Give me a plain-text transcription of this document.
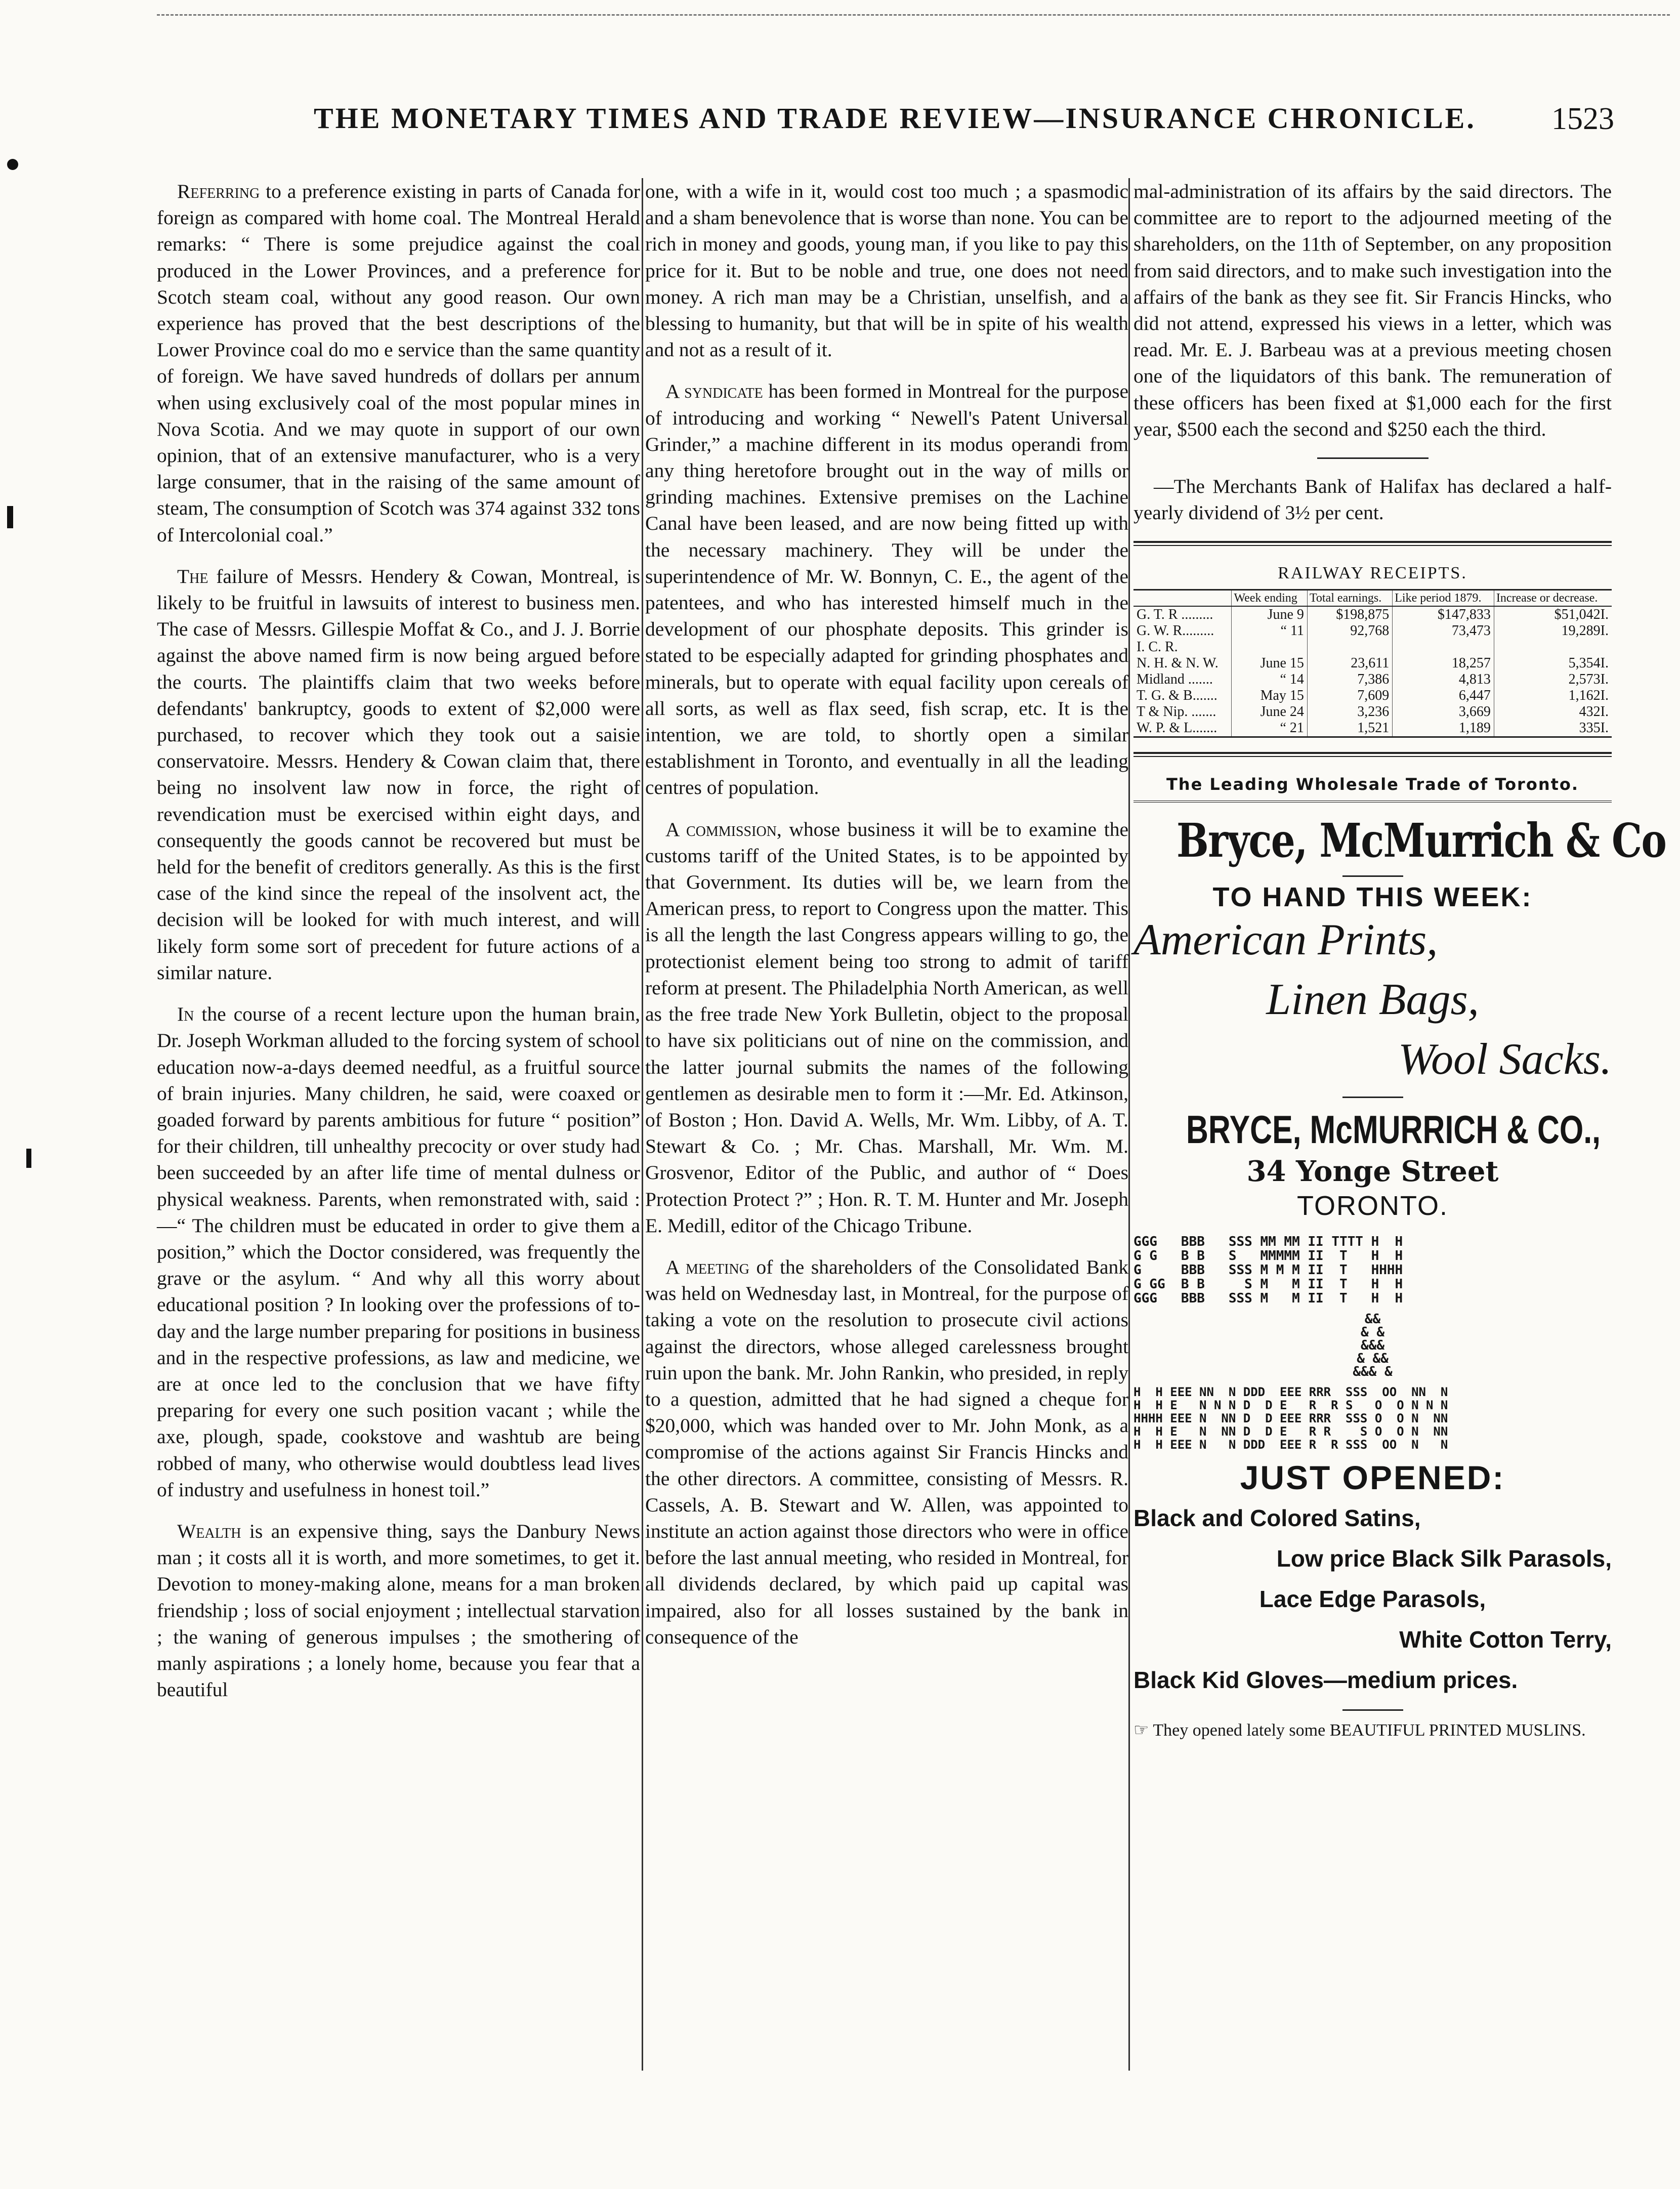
THE MONETARY TIMES AND TRADE REVIEW—INSURANCE CHRONICLE. 1523

Referring to a preference existing in parts of Canada for foreign as compared with home coal. The Montreal Herald remarks: “ There is some prejudice against the coal produced in the Lower Provinces, and a preference for Scotch steam coal, without any good reason. Our own experience has proved that the best descriptions of the Lower Province coal do mo e service than the same quantity of foreign. We have saved hundreds of dollars per annum when using exclusively coal of the most popular mines in Nova Scotia. And we may quote in support of our own opinion, that of an extensive manufacturer, who is a very large consumer, that in the raising of the same amount of steam, The consumption of Scotch was 374 against 332 tons of Intercolonial coal.”

The failure of Messrs. Hendery & Cowan, Montreal, is likely to be fruitful in lawsuits of interest to business men. The case of Messrs. Gillespie Moffat & Co., and J. J. Borrie against the above named firm is now being argued before the courts. The plaintiffs claim that two weeks before defendants' bankruptcy, goods to extent of $2,000 were purchased, to recover which they took out a saisie conservatoire. Messrs. Hendery & Cowan claim that, there being no insolvent law now in force, the right of revendication must be exercised within eight days, and consequently the goods cannot be recovered but must be held for the benefit of creditors generally. As this is the first case of the kind since the repeal of the insolvent act, the decision will be looked for with much interest, and will likely form some sort of precedent for future actions of a similar nature.

In the course of a recent lecture upon the human brain, Dr. Joseph Workman alluded to the forcing system of school education now-a-days deemed needful, as a fruitful source of brain injuries. Many children, he said, were coaxed or goaded forward by parents ambitious for future “ position” for their children, till unhealthy precocity or over study had been succeeded by an after life time of mental dulness or physical weakness. Parents, when remonstrated with, said :—“ The children must be educated in order to give them a position,” which the Doctor considered, was frequently the grave or the asylum. “ And why all this worry about educational position ? In looking over the professions of to-day and the large number preparing for positions in business and in the respective professions, as law and medicine, we are at once led to the conclusion that we have fifty preparing for every one such position vacant ; while the axe, plough, spade, cookstove and washtub are being robbed of many, who otherwise would doubtless lead lives of industry and usefulness in honest toil.”

Wealth is an expensive thing, says the Danbury News man ; it costs all it is worth, and more sometimes, to get it. Devotion to money-making alone, means for a man broken friendship ; loss of social enjoyment ; intellectual starvation ; the waning of generous impulses ; the smothering of manly aspirations ; a lonely home, because you fear that a beautiful

one, with a wife in it, would cost too much ; a spasmodic and a sham benevolence that is worse than none. You can be rich in money and goods, young man, if you like to pay this price for it. But to be noble and true, one does not need money. A rich man may be a Christian, unselfish, and a blessing to humanity, but that will be in spite of his wealth and not as a result of it.

A syndicate has been formed in Montreal for the purpose of introducing and working “ Newell's Patent Universal Grinder,” a machine different in its modus operandi from any thing heretofore brought out in the way of mills or grinding machines. Extensive premises on the Lachine Canal have been leased, and are now being fitted up with the necessary machinery. They will be under the superintendence of Mr. W. Bonnyn, C. E., the agent of the patentees, and who has interested himself much in the development of our phosphate deposits. This grinder is stated to be especially adapted for grinding phosphates and minerals, but to operate with equal facility upon cereals of all sorts, as well as flax seed, fish scrap, etc. It is the intention, we are told, to shortly open a similar establishment in Toronto, and eventually in all the leading centres of population.

A commission, whose business it will be to examine the customs tariff of the United States, is to be appointed by that Government. Its duties will be, we learn from the American press, to report to Congress upon the matter. This is all the length the last Congress appears willing to go, the protectionist element being too strong to admit of tariff reform at present. The Philadelphia North American, as well as the free trade New York Bulletin, object to the proposal to have six politicians out of nine on the commission, and the latter journal submits the names of the following gentlemen as desirable men to form it :—Mr. Ed. Atkinson, of Boston ; Hon. David A. Wells, Mr. Wm. Libby, of A. T. Stewart & Co. ; Mr. Chas. Marshall, Mr. Wm. M. Grosvenor, Editor of the Public, and author of “ Does Protection Protect ?” ; Hon. R. T. M. Hunter and Mr. Joseph E. Medill, editor of the Chicago Tribune.

A meeting of the shareholders of the Consolidated Bank was held on Wednesday last, in Montreal, for the purpose of taking a vote on the resolution to prosecute civil actions against the directors, whose alleged carelessness brought ruin upon the bank. Mr. John Rankin, who presided, in reply to a question, admitted that he had signed a cheque for $20,000, which was handed over to Mr. John Monk, as a compromise of the actions against Sir Francis Hincks and the other directors. A committee, consisting of Messrs. R. Cassels, A. B. Stewart and W. Allen, was appointed to institute an action against those directors who were in office before the last annual meeting, who resided in Montreal, for all dividends declared, by which paid up capital was impaired, also for all losses sustained by the bank in consequence of the

mal-administration of its affairs by the said directors. The committee are to report to the adjourned meeting of the shareholders, on the 11th of September, on any proposition from said directors, and to make such investigation into the affairs of the bank as they see fit. Sir Francis Hincks, who did not attend, expressed his views in a letter, which was read. Mr. E. J. Barbeau was at a previous meeting chosen one of the liquidators of this bank. The remuneration of these officers has been fixed at $1,000 each for the first year, $500 each the second and $250 each the third.

—The Merchants Bank of Halifax has declared a half-yearly dividend of 3½ per cent.

RAILWAY RECEIPTS.
	Week ending	Total earnings.	Like period 1879.	Increase or decrease.
G. T. R .........	June 9	$198,875	$147,833	$51,042I.
G. W. R.........	“ 11	92,768	73,473	19,289I.
I. C. R.				
N. H. & N. W.	June 15	23,611	18,257	5,354I.
Midland .......	“ 14	7,386	4,813	2,573I.
T. G. & B.......	May 15	7,609	6,447	1,162I.
T & Nip. .......	June 24	3,236	3,669	432I.
W. P. & L.......	“ 21	1,521	1,189	335I.
The Leading Wholesale Trade of Toronto.
Bryce, McMurrich & Co
TO HAND THIS WEEK:
American Prints,
Linen Bags,
Wool Sacks.
BRYCE, McMURRICH & CO.,
34 Yonge Street
TORONTO.
GGG   BBB   SSS MM MM II TTTT H  H
G G   B B   S   MMMMM II  T   H  H
G     BBB   SSS M M M II  T   HHHH
G GG  B B     S M   M II  T   H  H
GGG   BBB   SSS M   M II  T   H  H
&&
& &
&&&
& &&
&&& &
H  H EEE NN  N DDD  EEE RRR  SSS  OO  NN  N
H  H E   N N N D  D E   R  R S   O  O N N N
HHHH EEE N  NN D  D EEE RRR  SSS O  O N  NN
H  H E   N  NN D  D E   R R    S O  O N  NN
H  H EEE N   N DDD  EEE R  R SSS  OO  N   N
JUST OPENED:
Black and Colored Satins,
Low price Black Silk Parasols,
Lace Edge Parasols,
White Cotton Terry,
Black Kid Gloves—medium prices.
☞ They opened lately some BEAUTIFUL PRINTED MUSLINS.
